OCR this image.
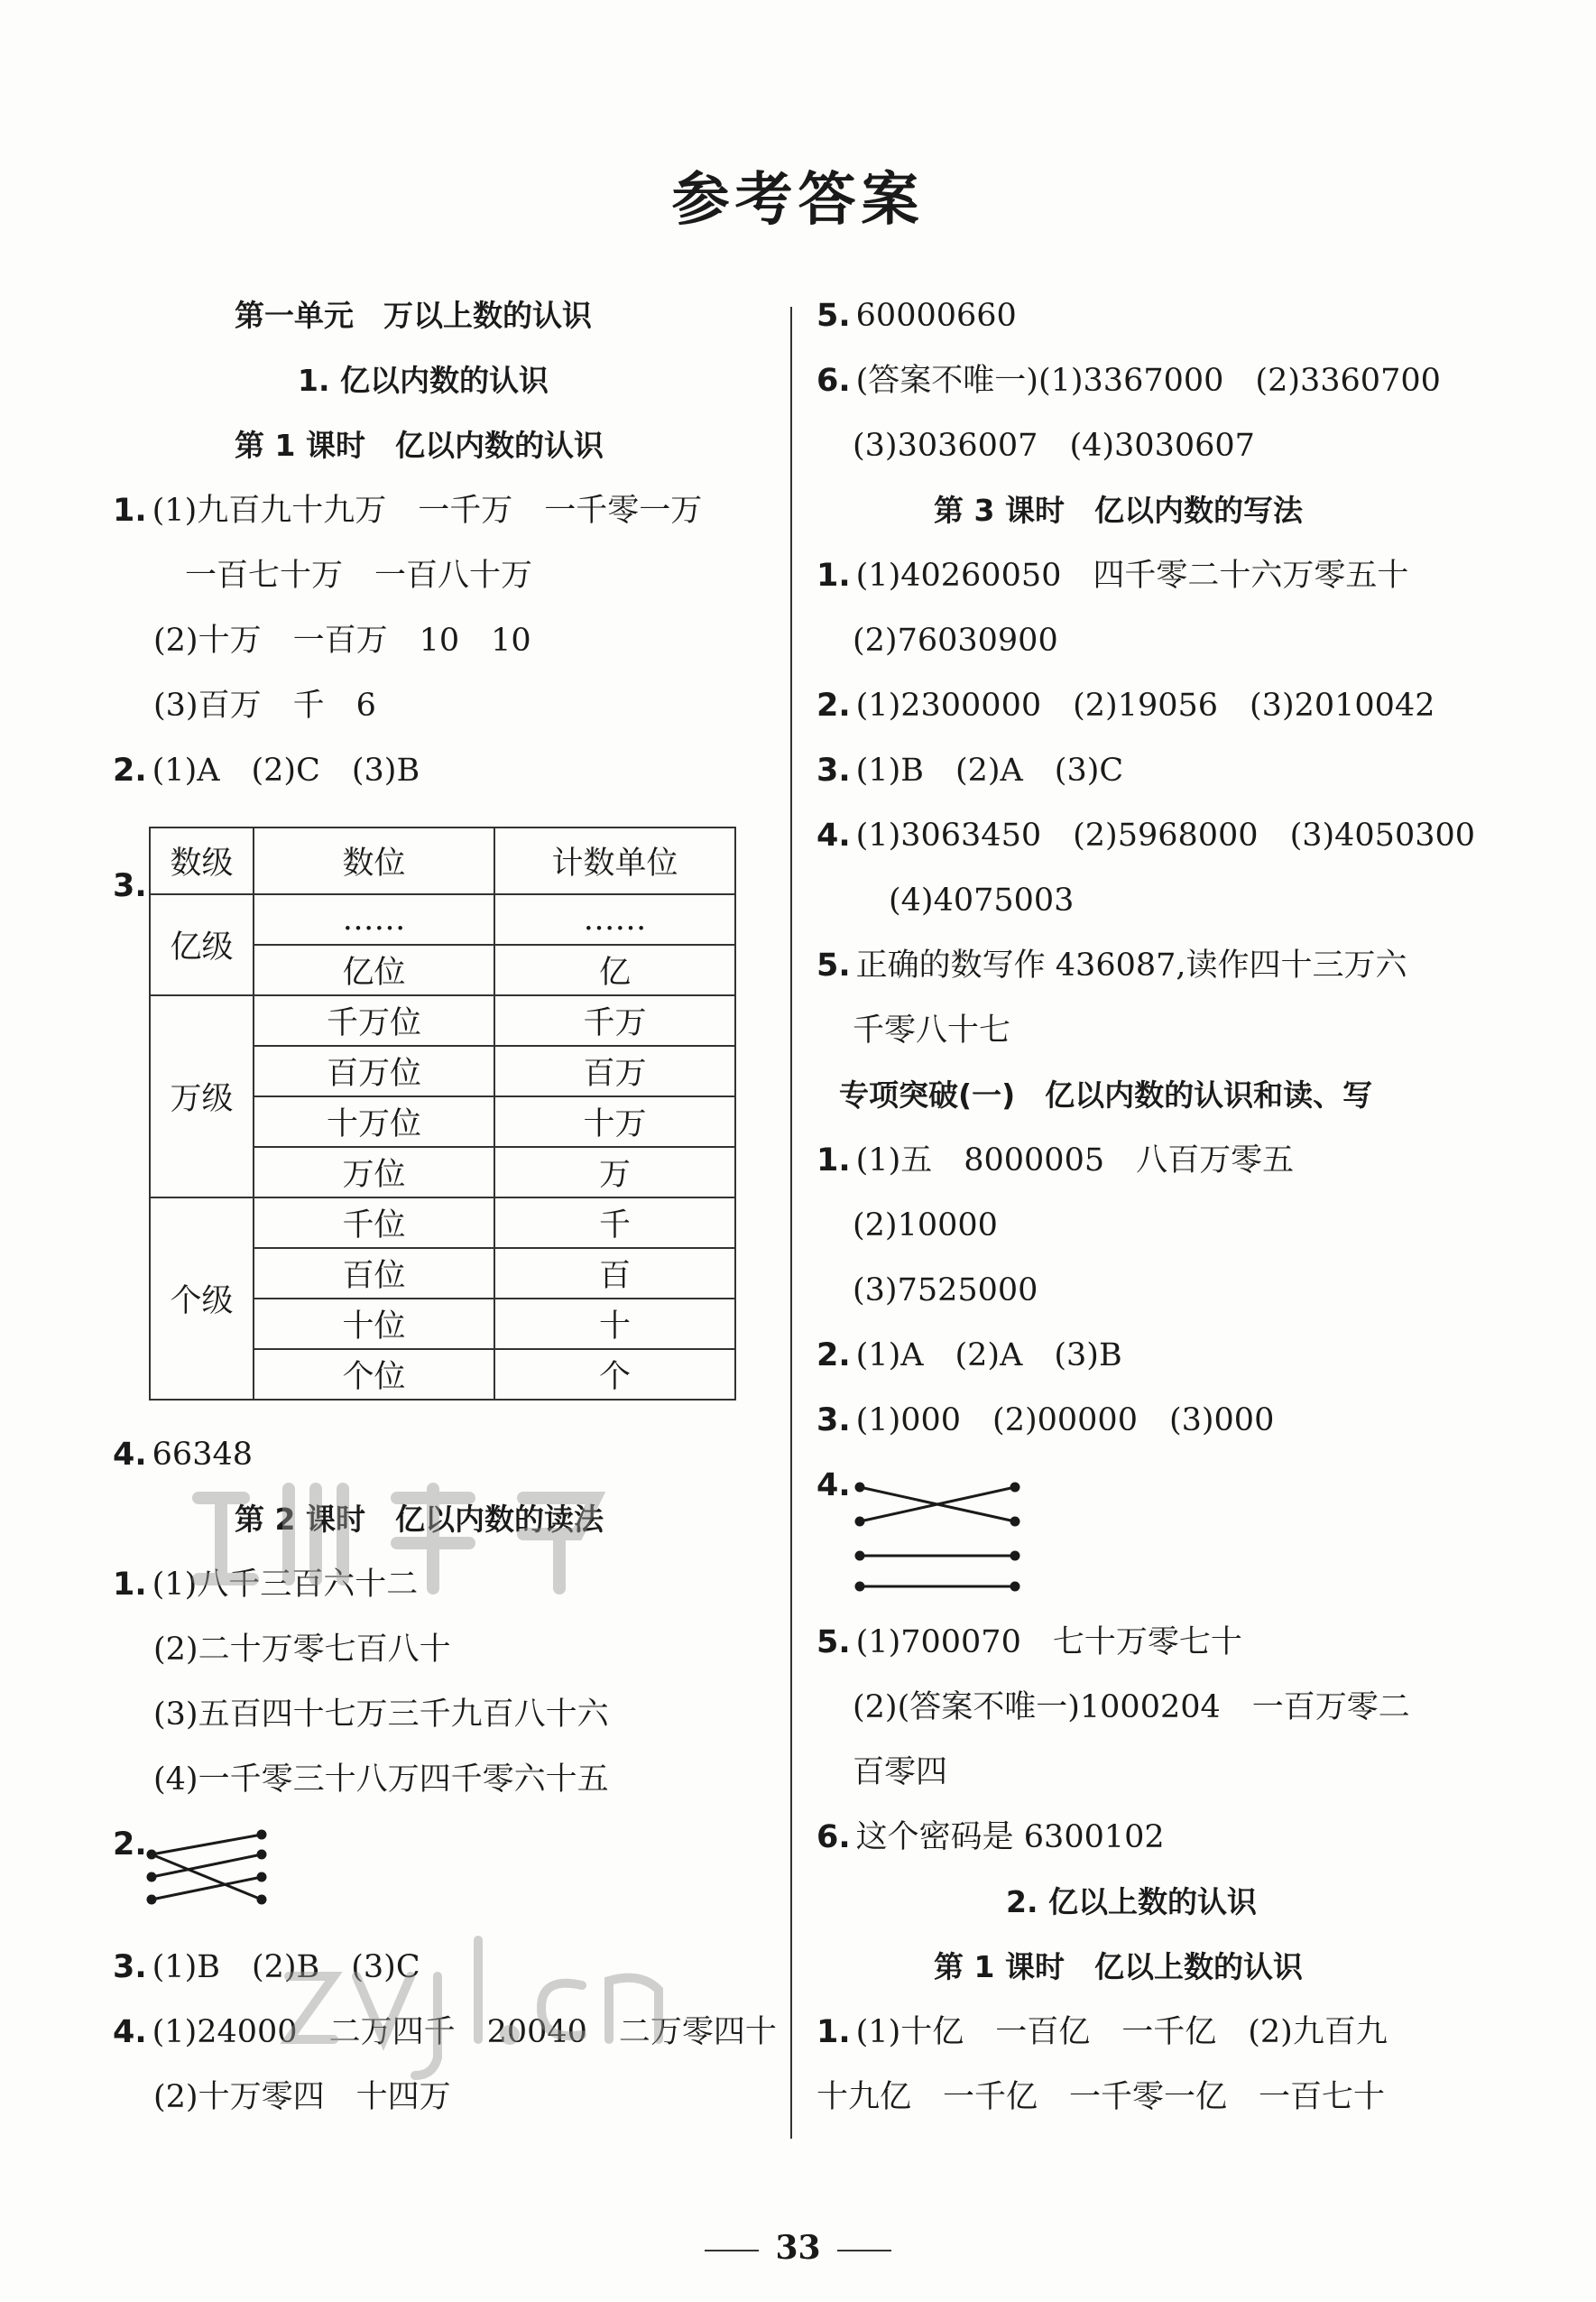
参考答案
第一单元　万以上数的认识
1. 亿以内数的认识
第 1 课时　亿以内数的认识
1. (1)九百九十九万　一千万　一千零一万
一百七十万　一百八十万
(2)十万　一百万　10　10
(3)百万　千　6
2. (1)A　(2)C　(3)B
3.
数级	数位	计数单位
亿级	……	……
	亿位	亿
万级	千万位	千万
	百万位	百万
	十万位	十万
	万位	万
个级	千位	千
	百位	百
	十位	十
	个位	个
4. 66348
第 2 课时　亿以内数的读法
1. (1)八千三百六十二
(2)二十万零七百八十
(3)五百四十七万三千九百八十六
(4)一千零三十八万四千零六十五
2.
3. (1)B　(2)B　(3)C
4. (1)24000　二万四千　20040　二万零四十
(2)十万零四　十四万
5. 60000660
6. (答案不唯一)(1)3367000　(2)3360700
(3)3036007　(4)3030607
第 3 课时　亿以内数的写法
1. (1)40260050　四千零二十六万零五十
(2)76030900
2. (1)2300000　(2)19056　(3)2010042
3. (1)B　(2)A　(3)C
4. (1)3063450　(2)5968000　(3)4050300
(4)4075003
5. 正确的数写作 436087,读作四十三万六
千零八十七
专项突破(一)　亿以内数的认识和读、写
1. (1)五　8000005　八百万零五
(2)10000
(3)7525000
2. (1)A　(2)A　(3)B
3. (1)000　(2)00000　(3)000
4.
5. (1)700070　七十万零七十
(2)(答案不唯一)1000204　一百万零二
百零四
6. 这个密码是 6300102
2. 亿以上数的认识
第 1 课时　亿以上数的认识
1. (1)十亿　一百亿　一千亿　(2)九百九
十九亿　一千亿　一千零一亿　一百七十
33
